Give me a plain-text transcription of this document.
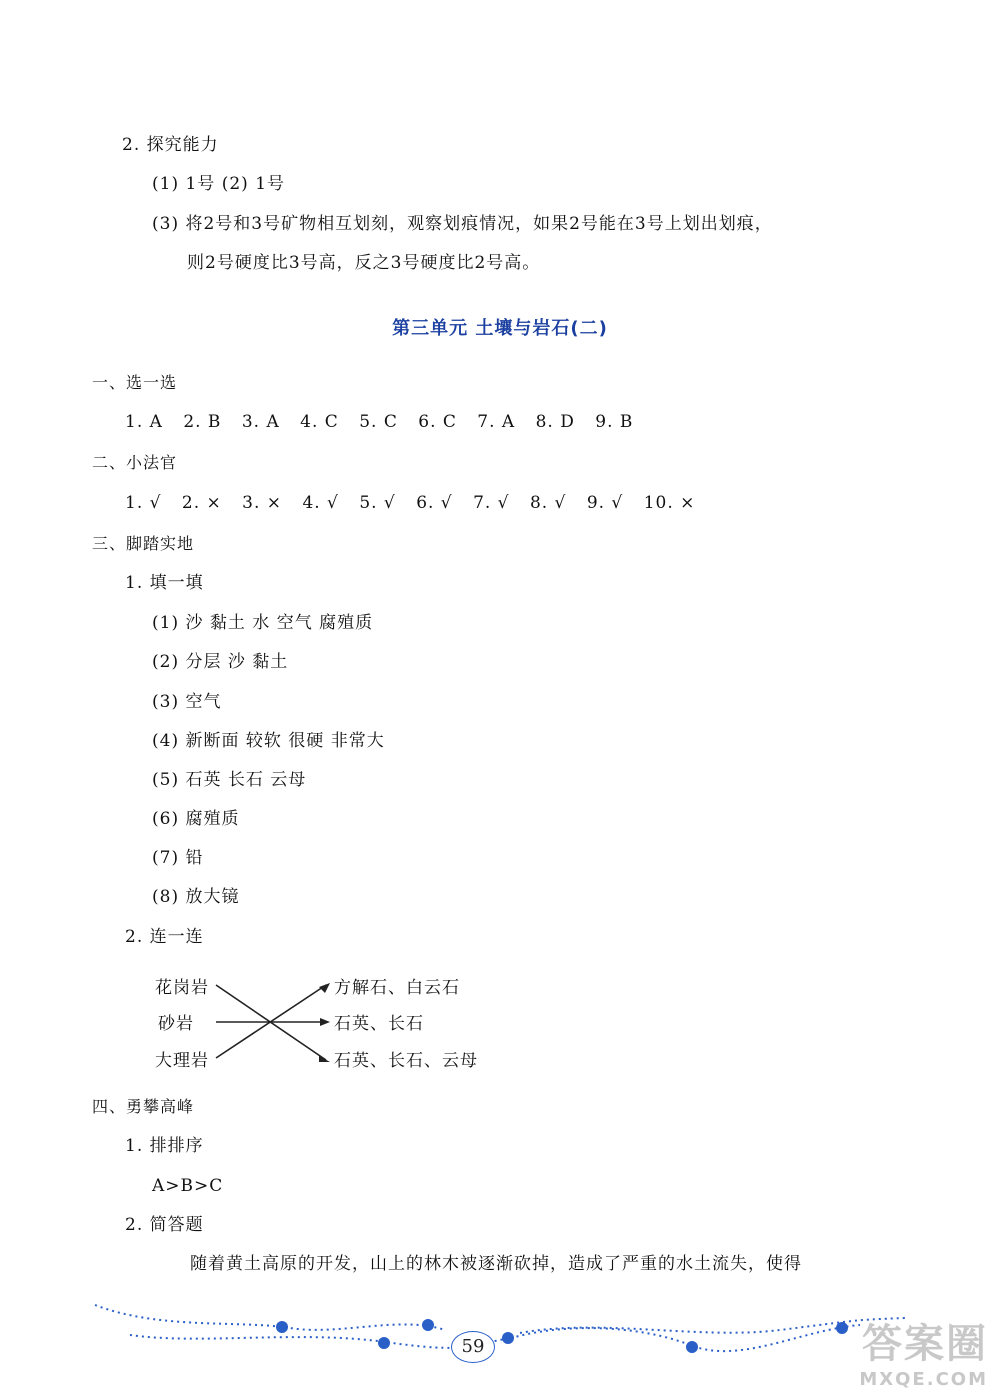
2. 探究能力
(1) 1号 (2) 1号
(3) 将2号和3号矿物相互划刻，观察划痕情况，如果2号能在3号上划出划痕，
则2号硬度比3号高，反之3号硬度比2号高。
第三单元 土壤与岩石(二)
一、选一选
1. A 2. B 3. A 4. C 5. C 6. C 7. A 8. D 9. B
二、小法官
1. √ 2. × 3. × 4. √ 5. √ 6. √ 7. √ 8. √ 9. √ 10. ×
三、脚踏实地
1. 填一填
(1) 沙 黏土 水 空气 腐殖质
(2) 分层 沙 黏土
(3) 空气
(4) 新断面 较软 很硬 非常大
(5) 石英 长石 云母
(6) 腐殖质
(7) 铅
(8) 放大镜
2. 连一连
花岗岩
砂岩
大理岩
方解石、白云石
石英、长石
石英、长石、云母
四、勇攀高峰
1. 排排序
A>B>C
2. 简答题
随着黄土高原的开发，山上的林木被逐渐砍掉，造成了严重的水土流失，使得
59	答案圈
MXQE.COM
